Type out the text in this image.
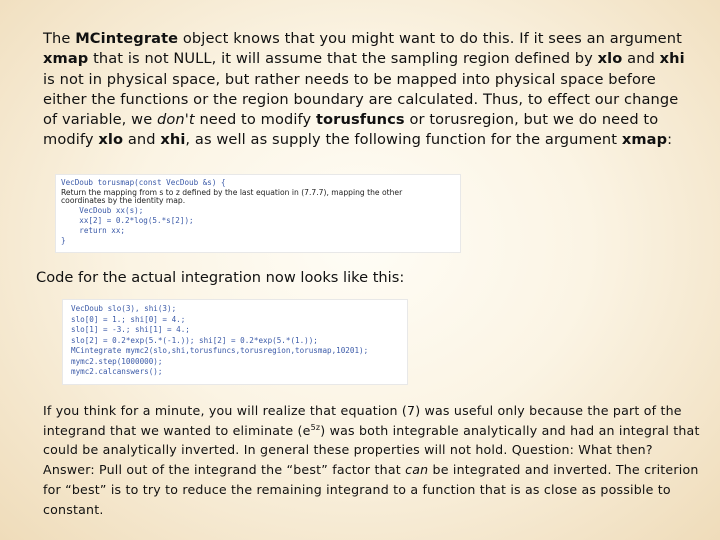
The MCintegrate object knows that you might want to do this. If it sees an argument xmap that is not NULL, it will assume that the sampling region defined by xlo and xhi is not in physical space, but rather needs to be mapped into physical space before either the functions or the region boundary are calculated. Thus, to effect our change of variable, we don't need to modify torusfuncs or torusregion, but we do need to modify xlo and xhi, as well as supply the following function for the argument xmap:

VecDoub torusmap(const VecDoub &s) {
Return the mapping from s to z defined by the last equation in (7.7.7), mapping the other
coordinates by the identity map.
VecDoub xx(s);
xx[2] = 0.2*log(5.*s[2]);
return xx;
}

Code for the actual integration now looks like this:

VecDoub slo(3), shi(3);
slo[0] = 1.; shi[0] = 4.;
slo[1] = -3.; shi[1] = 4.;
slo[2] = 0.2*exp(5.*(-1.)); shi[2] = 0.2*exp(5.*(1.));
MCintegrate mymc2(slo,shi,torusfuncs,torusregion,torusmap,10201);
mymc2.step(1000000);
mymc2.calcanswers();

If you think for a minute, you will realize that equation (7) was useful only because the part of the integrand that we wanted to eliminate $(e^{5z})$ was both integrable analytically and had an integral that could be analytically inverted. In general these properties will not hold. Question: What then? Answer: Pull out of the integrand the “best” factor that can be integrated and inverted. The criterion for “best” is to try to reduce the remaining integrand to a function that is as close as possible to constant.
